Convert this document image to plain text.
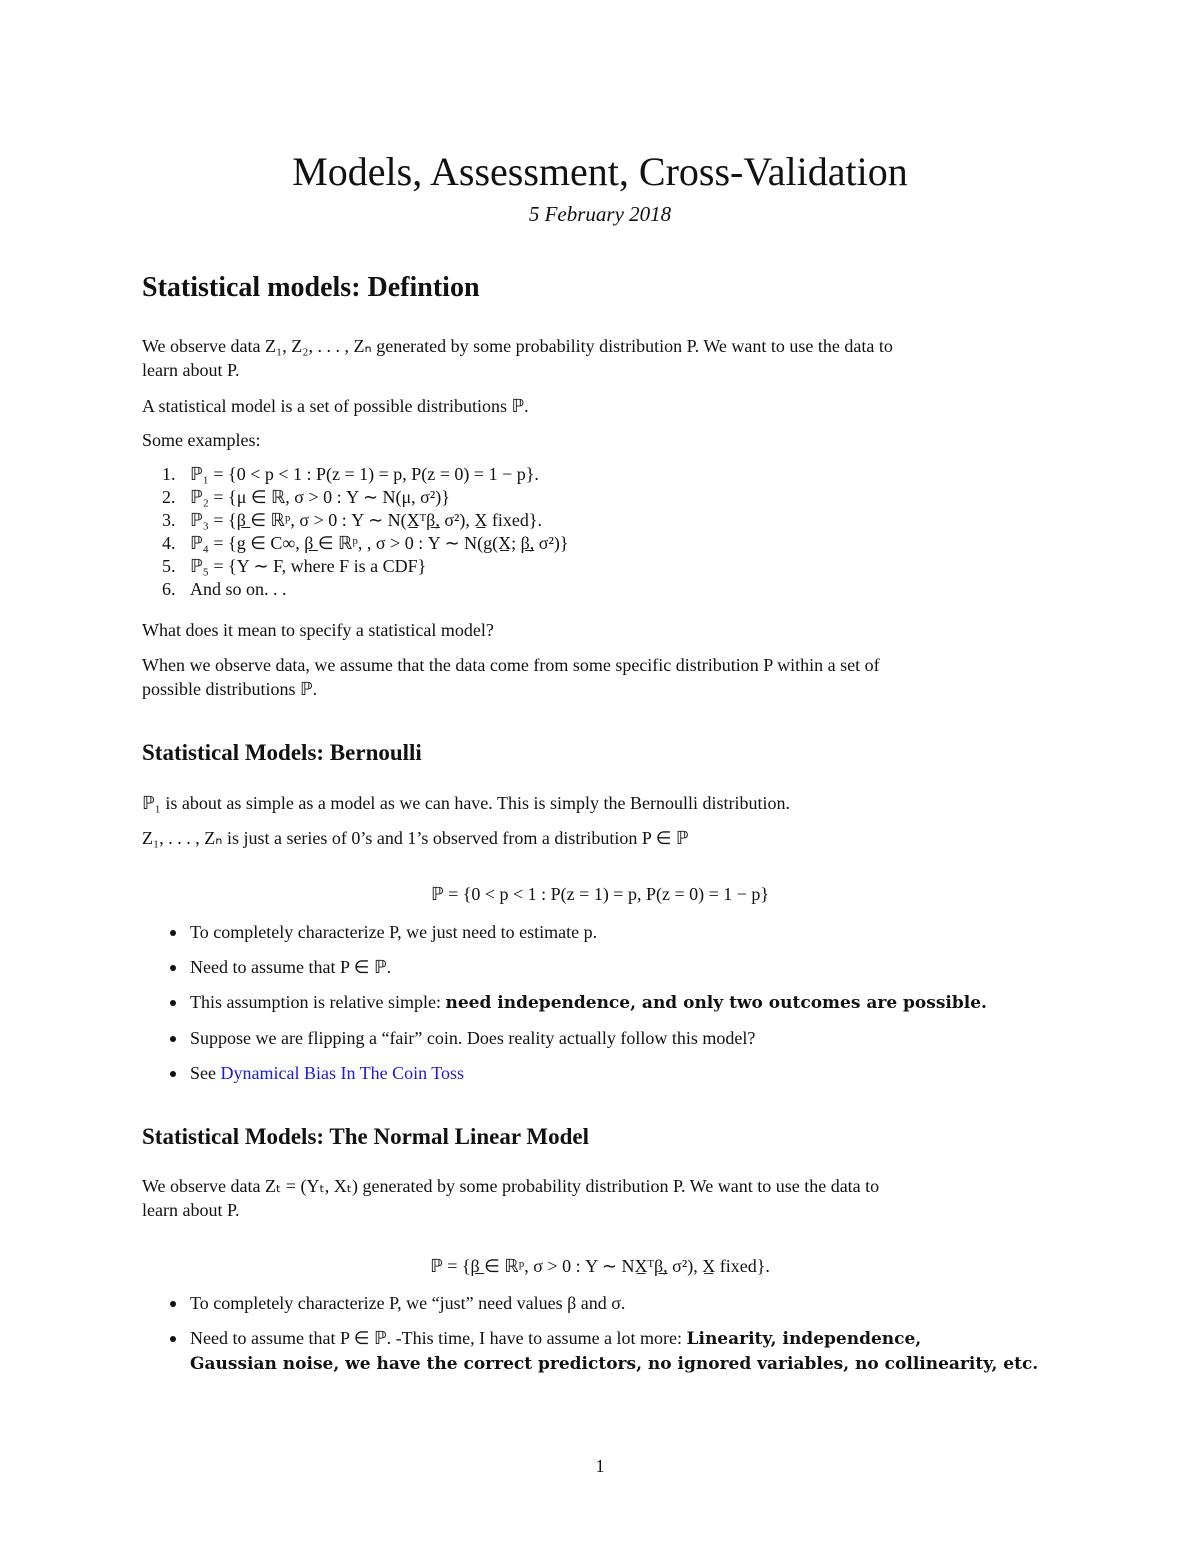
Models, Assessment, Cross-Validation
5 February 2018
Statistical models: Defintion

We observe data Z₁, Z₂, . . . , Zₙ generated by some probability distribution P. We want to use the data to
learn about P.

A statistical model is a set of possible distributions ℙ.

Some examples:

1. ℙ₁ = {0 < p < 1 : P(z = 1) = p, P(z = 0) = 1 − p}.
2. ℙ₂ = {μ ∈ ℝ, σ > 0 : Y ∼ N(μ, σ²)}
3. ℙ₃ = {β̲ ∈ ℝᵖ, σ > 0 : Y ∼ N(X̲ᵀβ̲, σ²), X̲ fixed}.
4. ℙ₄ = {g ∈ C∞, β̲ ∈ ℝᵖ, , σ > 0 : Y ∼ N(g(X̲; β̲, σ²)}
5. ℙ₅ = {Y ∼ F, where F is a CDF}
6. And so on. . .

What does it mean to specify a statistical model?

When we observe data, we assume that the data come from some specific distribution P within a set of
possible distributions ℙ.

Statistical Models: Bernoulli

ℙ₁ is about as simple as a model as we can have. This is simply the Bernoulli distribution.

Z₁, . . . , Zₙ is just a series of 0’s and 1’s observed from a distribution P ∈ ℙ

ℙ = {0 < p < 1 : P(z = 1) = p, P(z = 0) = 1 − p}
To completely characterize P, we just need to estimate p.
Need to assume that P ∈ ℙ.
This assumption is relative simple: need independence, and only two outcomes are possible.
Suppose we are flipping a “fair” coin. Does reality actually follow this model?
See Dynamical Bias In The Coin Toss
Statistical Models: The Normal Linear Model

We observe data Zₜ = (Yₜ, Xₜ) generated by some probability distribution P. We want to use the data to
learn about P.

ℙ = {β̲ ∈ ℝᵖ, σ > 0 : Y ∼ NX̲ᵀβ̲, σ²), X̲ fixed}.
To completely characterize P, we “just” need values β and σ.
Need to assume that P ∈ ℙ. -This time, I have to assume a lot more: Linearity, independence,
Gaussian noise, we have the correct predictors, no ignored variables, no collinearity, etc.
1
